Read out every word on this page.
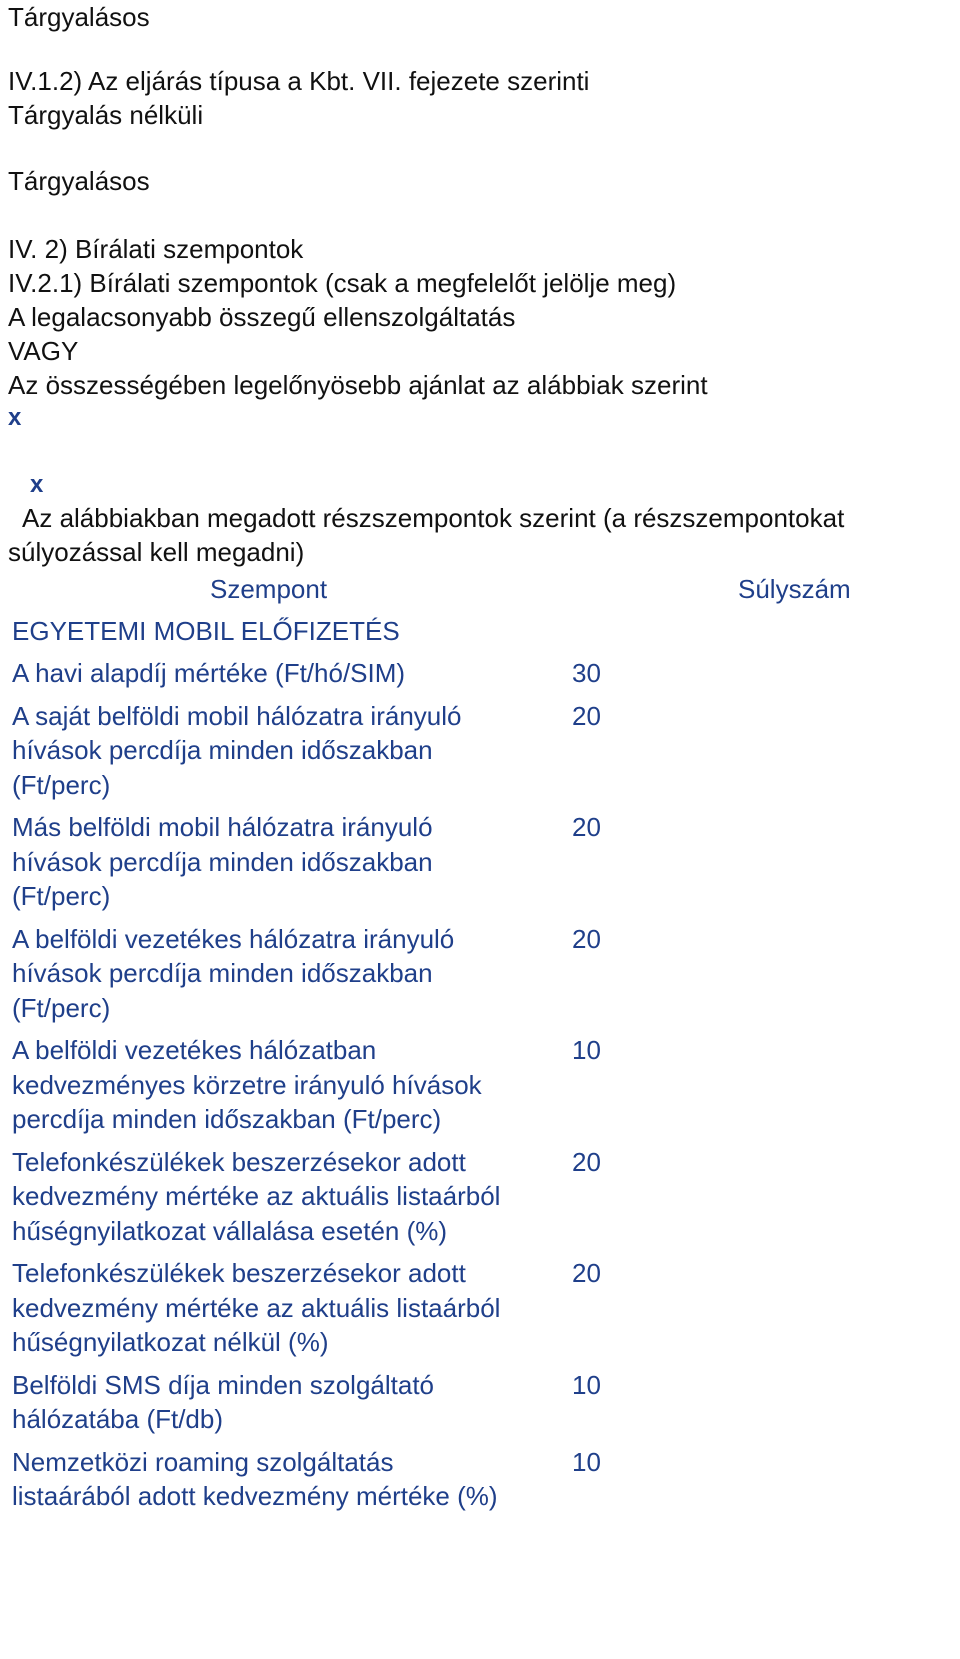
Tárgyalásos
IV.1.2) Az eljárás típusa a Kbt. VII. fejezete szerinti
Tárgyalás nélküli
Tárgyalásos
IV. 2) Bírálati szempontok
IV.2.1) Bírálati szempontok (csak a megfelelőt jelölje meg)
A legalacsonyabb összegű ellenszolgáltatás
VAGY
Az összességében legelőnyösebb ajánlat az alábbiak szerint
x
x
Az alábbiakban megadott részszempontok szerint (a részszempontokat
súlyozással kell megadni)
Szempont	Súlyszám
EGYETEMI MOBIL ELŐFIZETÉS
A havi alapdíj mértéke (Ft/hó/SIM)	30
A saját belföldi mobil hálózatra irányuló hívások percdíja minden időszakban (Ft/perc)
20
Más belföldi mobil hálózatra irányuló hívások percdíja minden időszakban (Ft/perc)
20
A belföldi vezetékes hálózatra irányuló hívások percdíja minden időszakban (Ft/perc)
20
A belföldi vezetékes hálózatban kedvezményes körzetre irányuló hívások percdíja minden időszakban (Ft/perc)
10
Telefonkészülékek beszerzésekor adott kedvezmény mértéke az aktuális listaárból hűségnyilatkozat vállalása esetén (%)
20
Telefonkészülékek beszerzésekor adott kedvezmény mértéke az aktuális listaárból hűségnyilatkozat nélkül (%)
20
Belföldi SMS díja minden szolgáltató hálózatába (Ft/db)
10
Nemzetközi roaming szolgáltatás listaárából adott kedvezmény mértéke (%)
10
